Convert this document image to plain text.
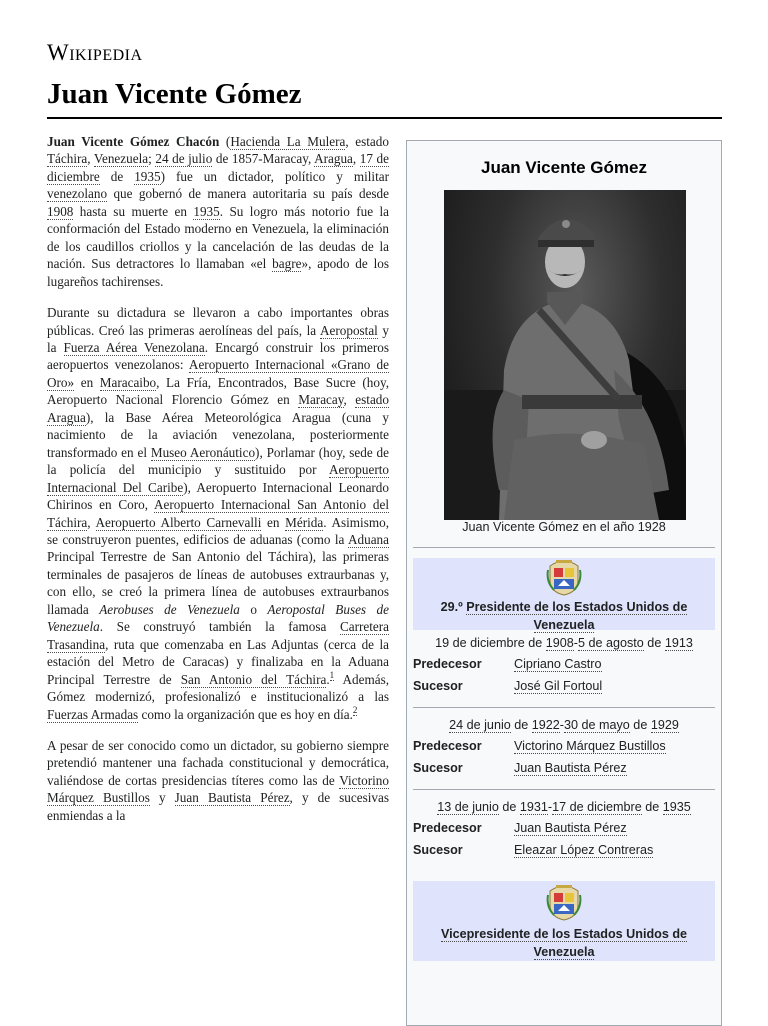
Wikipedia
Juan Vicente Gómez

Juan Vicente Gómez Chacón (Hacienda La Mulera, estado Táchira, Venezuela; 24 de julio de 1857-Maracay, Aragua, 17 de diciembre de 1935) fue un dictador, político y militar venezolano que gobernó de manera autoritaria su país desde 1908 hasta su muerte en 1935. Su logro más notorio fue la conformación del Estado moderno en Venezuela, la eliminación de los caudillos criollos y la cancelación de las deudas de la nación. Sus detractores lo llamaban «el bagre», apodo de los lugareños tachirenses.

Durante su dictadura se llevaron a cabo importantes obras públicas. Creó las primeras aerolíneas del país, la Aeropostal y la Fuerza Aérea Venezolana. Encargó construir los primeros aeropuertos venezolanos: Aeropuerto Internacional «Grano de Oro» en Maracaibo, La Fría, Encontrados, Base Sucre (hoy, Aeropuerto Nacional Florencio Gómez en Maracay, estado Aragua), la Base Aérea Meteorológica Aragua (cuna y nacimiento de la aviación venezolana, posteriormente transformado en el Museo Aeronáutico), Porlamar (hoy, sede de la policía del municipio y sustituido por Aeropuerto Internacional Del Caribe), Aeropuerto Internacional Leonardo Chirinos en Coro, Aeropuerto Internacional San Antonio del Táchira, Aeropuerto Alberto Carnevalli en Mérida. Asimismo, se construyeron puentes, edificios de aduanas (como la Aduana Principal Terrestre de San Antonio del Táchira), las primeras terminales de pasajeros de líneas de autobuses extraurbanas y, con ello, se creó la primera línea de autobuses extraurbanos llamada Aerobuses de Venezuela o Aeropostal Buses de Venezuela. Se construyó también la famosa Carretera Trasandina, ruta que comenzaba en Las Adjuntas (cerca de la estación del Metro de Caracas) y finalizaba en la Aduana Principal Terrestre de San Antonio del Táchira.$^1$ Además, Gómez modernizó, profesionalizó e institucionalizó a las Fuerzas Armadas como la organización que es hoy en día.$^2$

A pesar de ser conocido como un dictador, su gobierno siempre pretendió mantener una fachada constitucional y democrática, valiéndose de cortas presidencias títeres como las de Victorino Márquez Bustillos y Juan Bautista Pérez, y de sucesivas enmiendas a la

Juan Vicente Gómez
Juan Vicente Gómez en el año 1928
29.º Presidente de los Estados Unidos de Venezuela
19 de diciembre de 1908-5 de agosto de 1913
Predecesor	Cipriano Castro
Sucesor	José Gil Fortoul
24 de junio de 1922-30 de mayo de 1929
Predecesor	Victorino Márquez Bustillos
Sucesor	Juan Bautista Pérez
13 de junio de 1931-17 de diciembre de 1935
Predecesor	Juan Bautista Pérez
Sucesor	Eleazar López Contreras
Vicepresidente de los Estados Unidos de Venezuela
